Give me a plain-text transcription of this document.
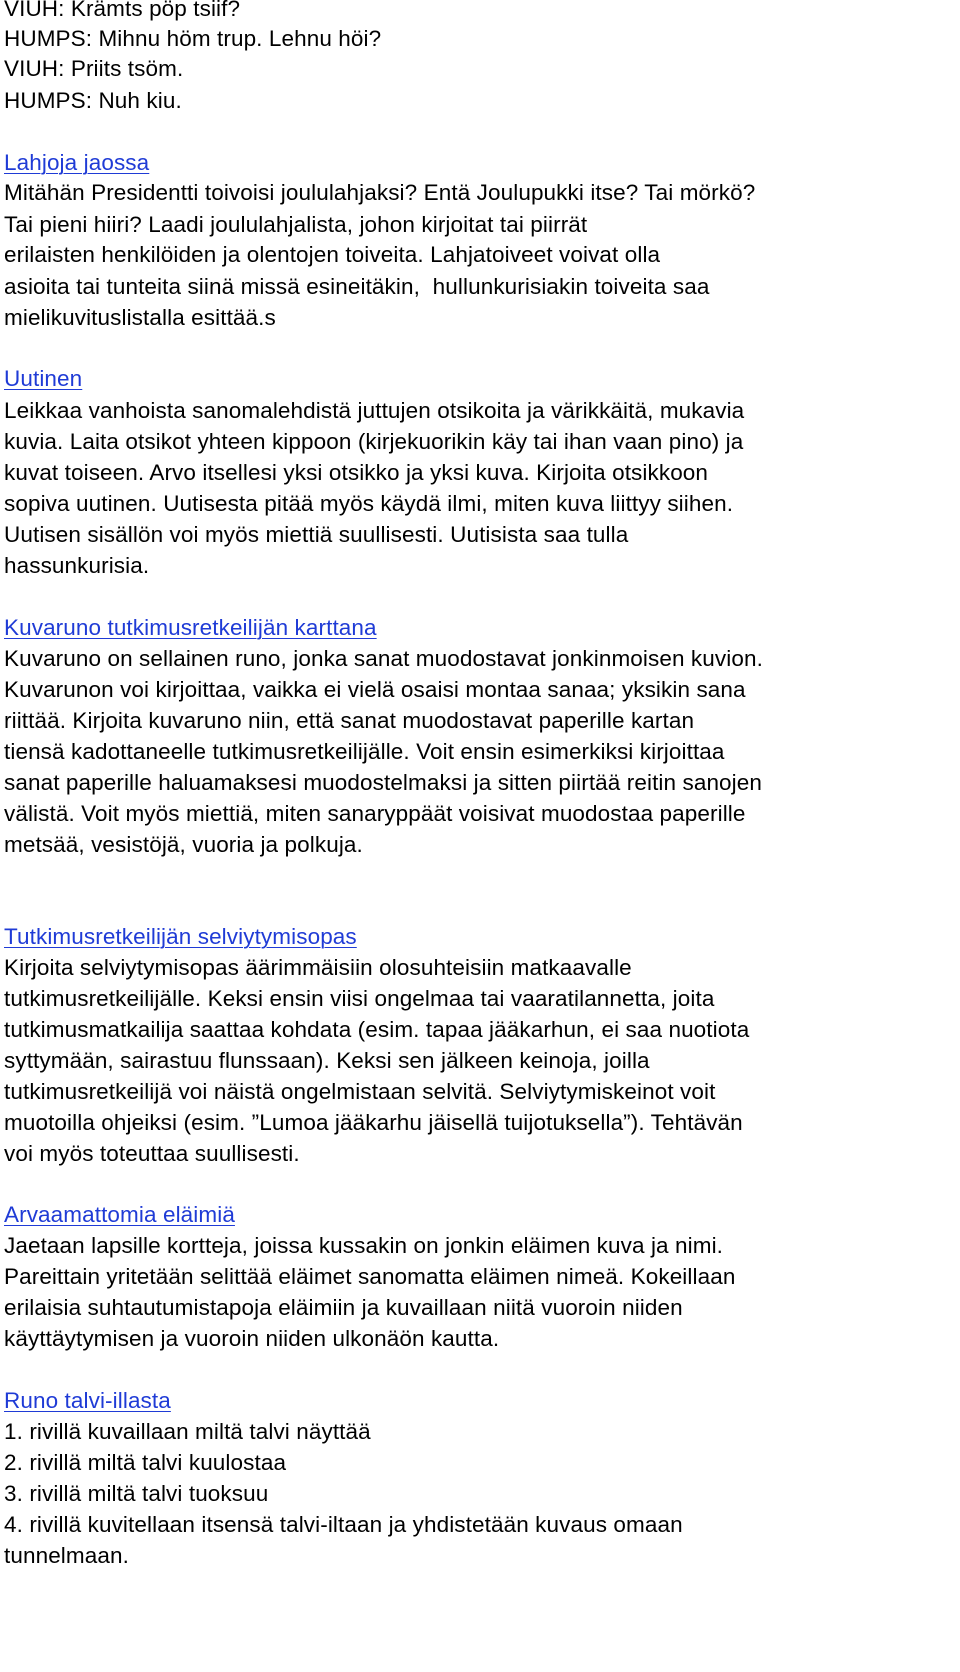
VIUH: Krämts pöp tsiif?

HUMPS: Mihnu höm trup. Lehnu höi?

VIUH: Priits tsöm.

HUMPS: Nuh kiu.

Lahjoja jaossa

Mitähän Presidentti toivoisi joululahjaksi? Entä Joulupukki itse? Tai mörkö?

Tai pieni hiiri? Laadi joululahjalista, johon kirjoitat tai piirrät

erilaisten henkilöiden ja olentojen toiveita. Lahjatoiveet voivat olla

asioita tai tunteita siinä missä esineitäkin,  hullunkurisiakin toiveita saa

mielikuvituslistalla esittää.s

Uutinen

Leikkaa vanhoista sanomalehdistä juttujen otsikoita ja värikkäitä, mukavia

kuvia. Laita otsikot yhteen kippoon (kirjekuorikin käy tai ihan vaan pino) ja

kuvat toiseen. Arvo itsellesi yksi otsikko ja yksi kuva. Kirjoita otsikkoon

sopiva uutinen. Uutisesta pitää myös käydä ilmi, miten kuva liittyy siihen.

Uutisen sisällön voi myös miettiä suullisesti. Uutisista saa tulla

hassunkurisia.

Kuvaruno tutkimusretkeilijän karttana

Kuvaruno on sellainen runo, jonka sanat muodostavat jonkinmoisen kuvion.

Kuvarunon voi kirjoittaa, vaikka ei vielä osaisi montaa sanaa; yksikin sana

riittää. Kirjoita kuvaruno niin, että sanat muodostavat paperille kartan

tiensä kadottaneelle tutkimusretkeilijälle. Voit ensin esimerkiksi kirjoittaa

sanat paperille haluamaksesi muodostelmaksi ja sitten piirtää reitin sanojen

välistä. Voit myös miettiä, miten sanaryppäät voisivat muodostaa paperille

metsää, vesistöjä, vuoria ja polkuja.

Tutkimusretkeilijän selviytymisopas

Kirjoita selviytymisopas äärimmäisiin olosuhteisiin matkaavalle

tutkimusretkeilijälle. Keksi ensin viisi ongelmaa tai vaaratilannetta, joita

tutkimusmatkailija saattaa kohdata (esim. tapaa jääkarhun, ei saa nuotiota

syttymään, sairastuu flunssaan). Keksi sen jälkeen keinoja, joilla

tutkimusretkeilijä voi näistä ongelmistaan selvitä. Selviytymiskeinot voit

muotoilla ohjeiksi (esim. ”Lumoa jääkarhu jäisellä tuijotuksella”). Tehtävän

voi myös toteuttaa suullisesti.

Arvaamattomia eläimiä

Jaetaan lapsille kortteja, joissa kussakin on jonkin eläimen kuva ja nimi.

Pareittain yritetään selittää eläimet sanomatta eläimen nimeä. Kokeillaan

erilaisia suhtautumistapoja eläimiin ja kuvaillaan niitä vuoroin niiden

käyttäytymisen ja vuoroin niiden ulkonäön kautta.

Runo talvi-illasta

1. rivillä kuvaillaan miltä talvi näyttää

2. rivillä miltä talvi kuulostaa

3. rivillä miltä talvi tuoksuu

4. rivillä kuvitellaan itsensä talvi-iltaan ja yhdistetään kuvaus omaan

tunnelmaan.
